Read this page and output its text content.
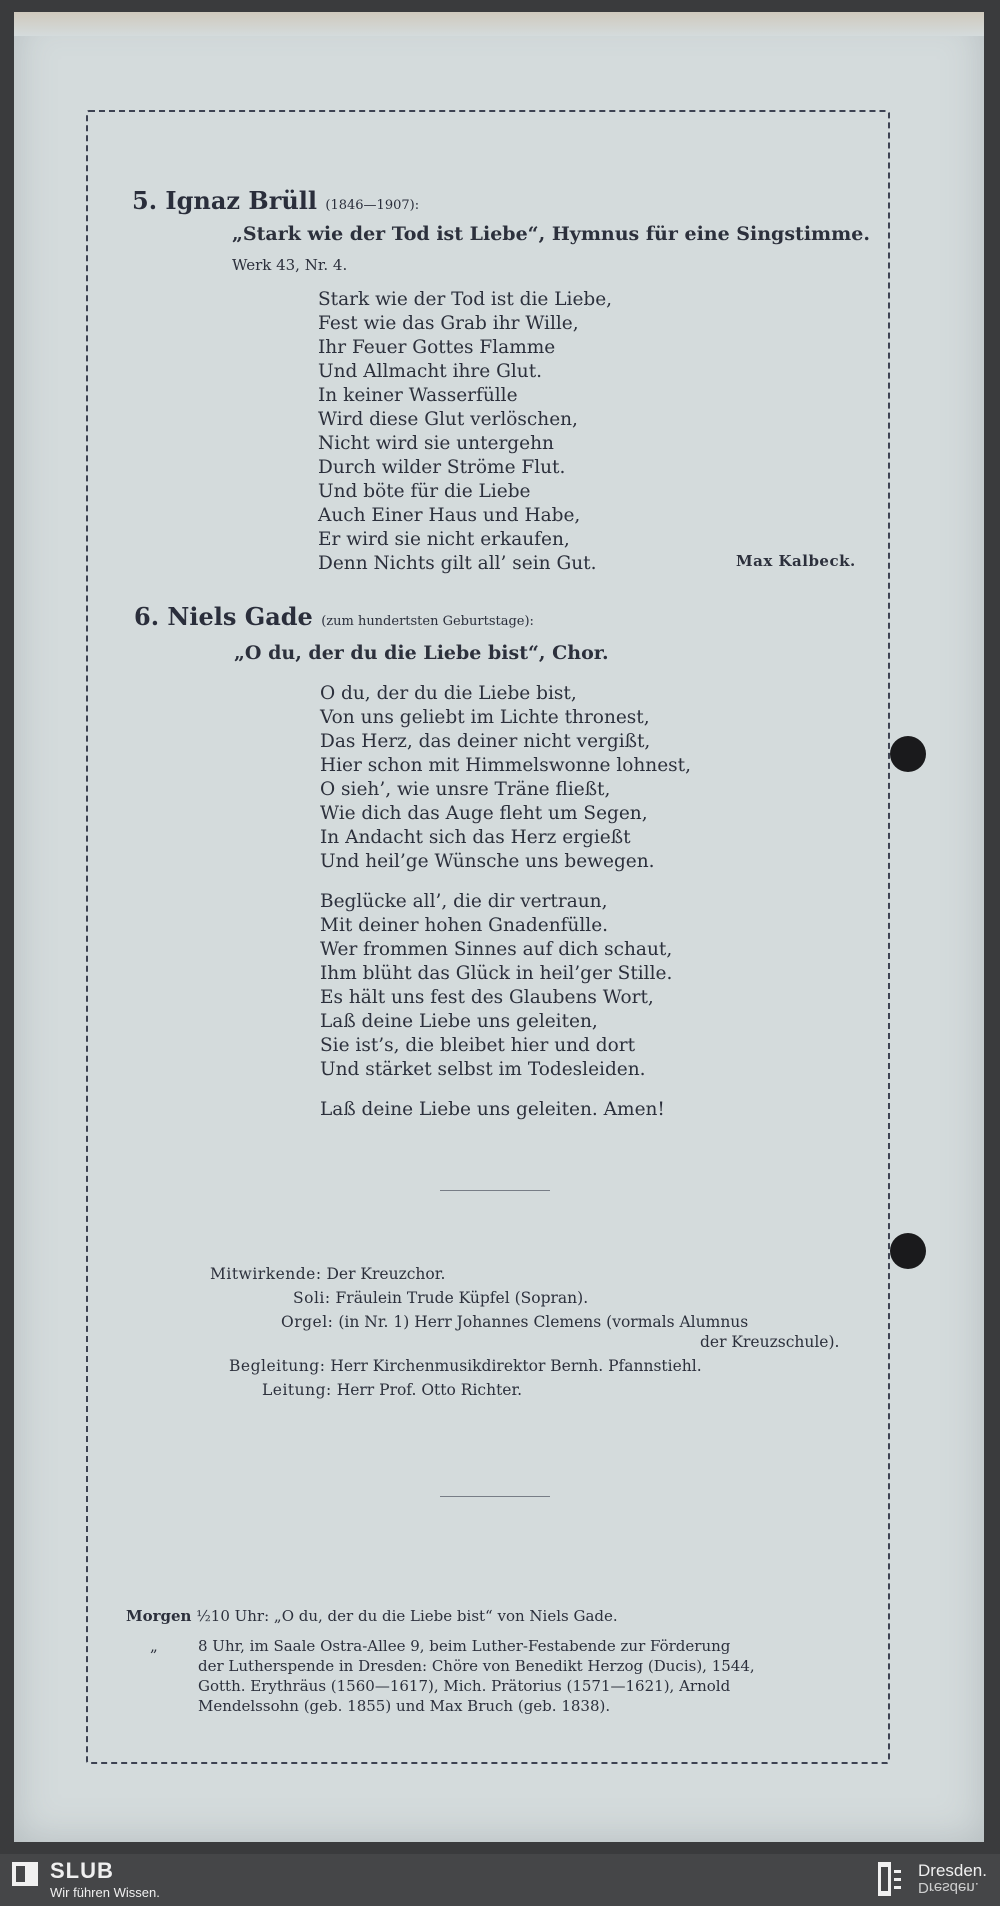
5. Ignaz Brüll (1846—1907):
„Stark wie der Tod ist Liebe“, Hymnus für eine Singstimme.
Werk 43, Nr. 4.
Stark wie der Tod ist die Liebe,
Fest wie das Grab ihr Wille,
Ihr Feuer Gottes Flamme
Und Allmacht ihre Glut.
In keiner Wasserfülle
Wird diese Glut verlöschen,
Nicht wird sie untergehn
Durch wilder Ströme Flut.
Und böte für die Liebe
Auch Einer Haus und Habe,
Er wird sie nicht erkaufen,
Denn Nichts gilt all’ sein Gut.	Max Kalbeck.
6. Niels Gade (zum hundertsten Geburtstage):
„O du, der du die Liebe bist“, Chor.
O du, der du die Liebe bist,
Von uns geliebt im Lichte thronest,
Das Herz, das deiner nicht vergißt,
Hier schon mit Himmelswonne lohnest,
O sieh’, wie unsre Träne fließt,
Wie dich das Auge fleht um Segen,
In Andacht sich das Herz ergießt
Und heil’ge Wünsche uns bewegen.
Beglücke all’, die dir vertraun,
Mit deiner hohen Gnadenfülle.
Wer frommen Sinnes auf dich schaut,
Ihm blüht das Glück in heil’ger Stille.
Es hält uns fest des Glaubens Wort,
Laß deine Liebe uns geleiten,
Sie ist’s, die bleibet hier und dort
Und stärket selbst im Todesleiden.
Laß deine Liebe uns geleiten. Amen!
Mitwirkende: Der Kreuzchor.
Soli: Fräulein Trude Küpfel (Sopran).
Orgel: (in Nr. 1) Herr Johannes Clemens (vormals Alumnus
der Kreuzschule).
Begleitung: Herr Kirchenmusikdirektor Bernh. Pfannstiehl.
Leitung: Herr Prof. Otto Richter.
Morgen ½10 Uhr: „O du, der du die Liebe bist“ von Niels Gade.
„	8 Uhr, im Saale Ostra-Allee 9, beim Luther-Festabende zur Förderung
der Lutherspende in Dresden: Chöre von Benedikt Herzog (Ducis), 1544,
Gotth. Erythräus (1560—1617), Mich. Prätorius (1571—1621), Arnold
Mendelssohn (geb. 1855) und Max Bruch (geb. 1838).
SLUB
Wir führen Wissen.
Dresden.
Dresden.
